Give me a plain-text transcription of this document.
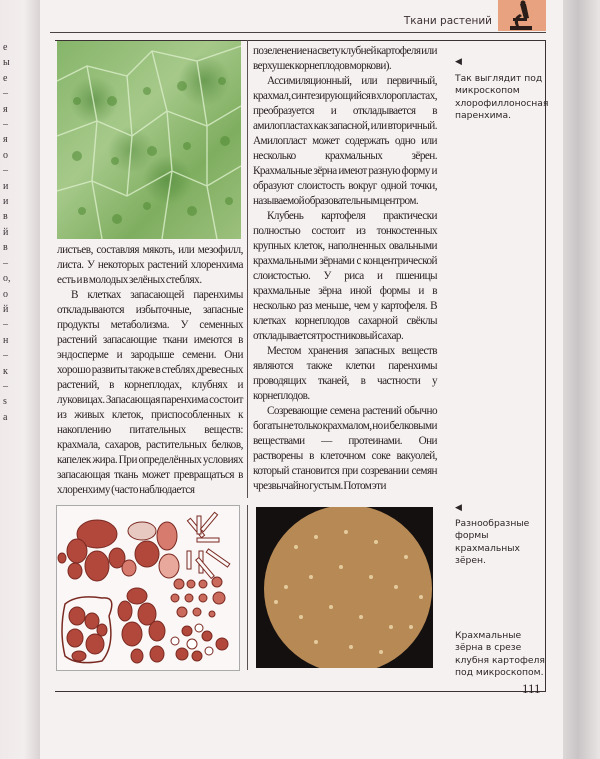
е
ы
е
–
я
–
я
о
–
и
и
в
й
в
–
о,
о
й
–
н
–
к
–
s
а
Ткани растений

листьев, составляя мякоть, или мезофилл, листа. У некоторых растений хлоренхима есть и в молодых зелёных стеблях.

В клетках запасающей паренхимы откладываются избыточные, запасные продукты метаболизма. У семенных растений запасающие ткани имеются в эндосперме и зародыше семени. Они хорошо развиты также в стеблях древесных растений, в корнеплодах, клубнях и луковицах. Запасающая паренхима состоит из живых клеток, приспособленных к накоплению питательных веществ: крахмала, сахаров, растительных белков, капелек жира. При определённых условиях запасающая ткань может превращаться в хлоренхиму (часто наблюдается

позеленение на свету клубней картофеля или верхушек корнеплодов моркови).

Ассимиляционный, или первичный, крахмал, синтезирующийся в хлоропластах, преобразуется и откладывается в амилопластах как запасной, или вторичный. Амилопласт может содержать одно или несколько крахмальных зёрен. Крахмальные зёрна имеют разную форму и образуют слоистость вокруг одной точки, называемой образовательным центром.

Клубень картофеля практически полностью состоит из тонкостенных крупных клеток, наполненных овальными крахмальными зёрнами с концентрической слоистостью. У риса и пшеницы крахмальные зёрна иной формы и в несколько раз меньше, чем у картофеля. В клетках корнеплодов сахарной свёклы откладывается тростниковый сахар.

Местом хранения запасных веществ являются также клетки паренхимы проводящих тканей, в частности у корнеплодов.

Созревающие семена растений обычно богаты не только крахмалом, но и белковыми веществами — протеинами. Они растворены в клеточном соке вакуолей, который становится при созревании семян чрезвычайно густым. Потом эти

◀
Так выглядит под микроскопом хлорофиллоносная паренхима.
◀
Разнообразные формы крахмальных зёрен.
Крахмальные зёрна в срезе клубня картофеля под микроскопом.
111
